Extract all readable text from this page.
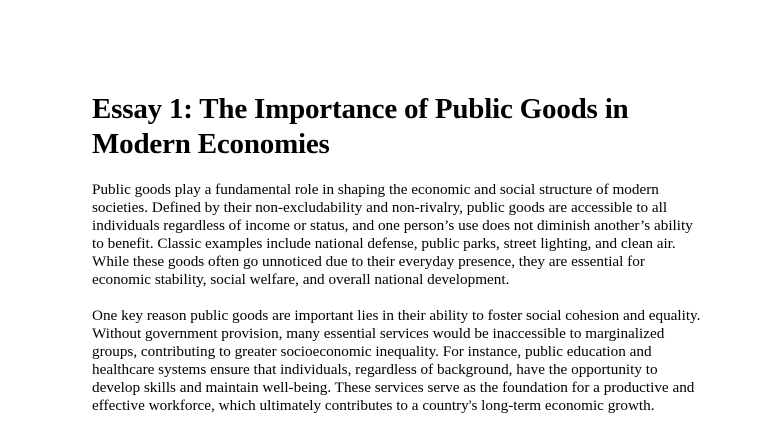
Essay 1: The Importance of Public Goods in Modern Economies

Public goods play a fundamental role in shaping the economic and social structure of modern societies. Defined by their non-excludability and non-rivalry, public goods are accessible to all individuals regardless of income or status, and one person’s use does not diminish another’s ability to benefit. Classic examples include national defense, public parks, street lighting, and clean air. While these goods often go unnoticed due to their everyday presence, they are essential for economic stability, social welfare, and overall national development.

One key reason public goods are important lies in their ability to foster social cohesion and equality. Without government provision, many essential services would be inaccessible to marginalized groups, contributing to greater socioeconomic inequality. For instance, public education and healthcare systems ensure that individuals, regardless of background, have the opportunity to develop skills and maintain well-being. These services serve as the foundation for a productive and effective workforce, which ultimately contributes to a country's long-term economic growth.
